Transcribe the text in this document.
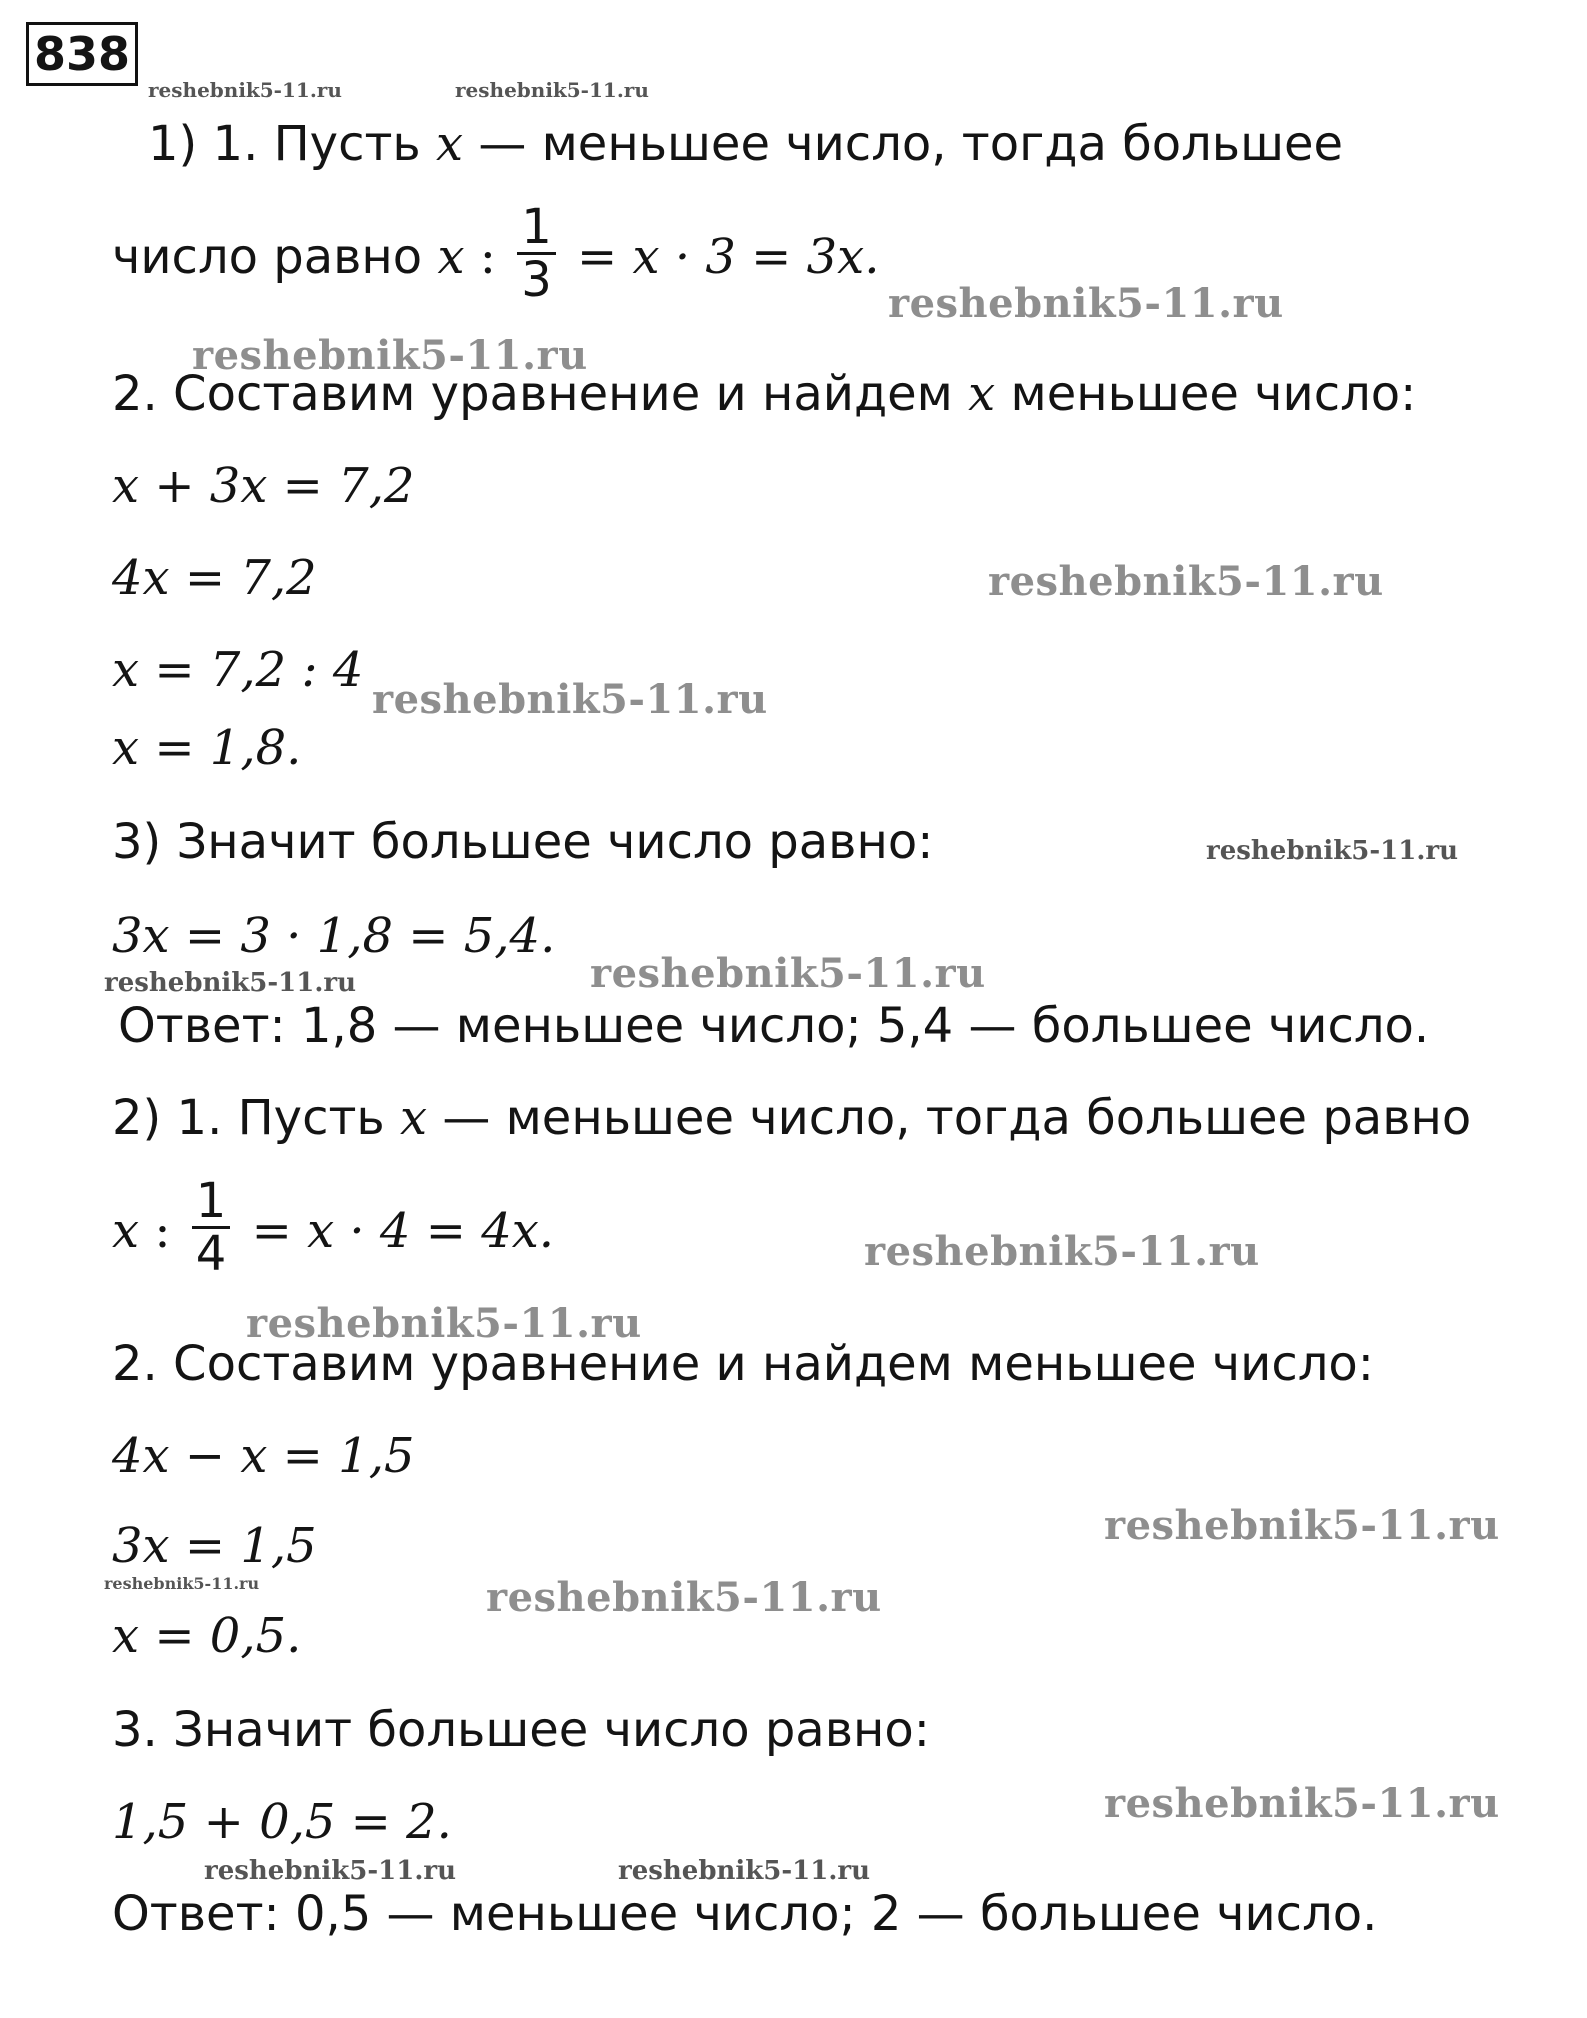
838
reshebnik5-11.ru	reshebnik5-11.ru
reshebnik5-11.ru
reshebnik5-11.ru
reshebnik5-11.ru
reshebnik5-11.ru
reshebnik5-11.ru
reshebnik5-11.ru	reshebnik5-11.ru
reshebnik5-11.ru
reshebnik5-11.ru
reshebnik5-11.ru
reshebnik5-11.ru	reshebnik5-11.ru
reshebnik5-11.ru
reshebnik5-11.ru	reshebnik5-11.ru
1) 1. Пусть x — меньшее число, тогда большее
число равно x : $\frac{1}{3} = x \cdot 3 = 3x$.
2. Составим уравнение и найдем x меньшее число:
x + 3x = 7,2
4x = 7,2
x = 7,2 : 4
x = 1,8.
3) Значит большее число равно:
3x = 3 · 1,8 = 5,4.
Ответ: 1,8 — меньшее число; 5,4 — большее число.
2) 1. Пусть x — меньшее число, тогда большее равно
x : $\frac{1}{4} = x \cdot 4 = 4x$.
2. Составим уравнение и найдем меньшее число:
4x − x = 1,5
3x = 1,5
x = 0,5.
3. Значит большее число равно:
1,5 + 0,5 = 2.
Ответ: 0,5 — меньшее число; 2 — большее число.
